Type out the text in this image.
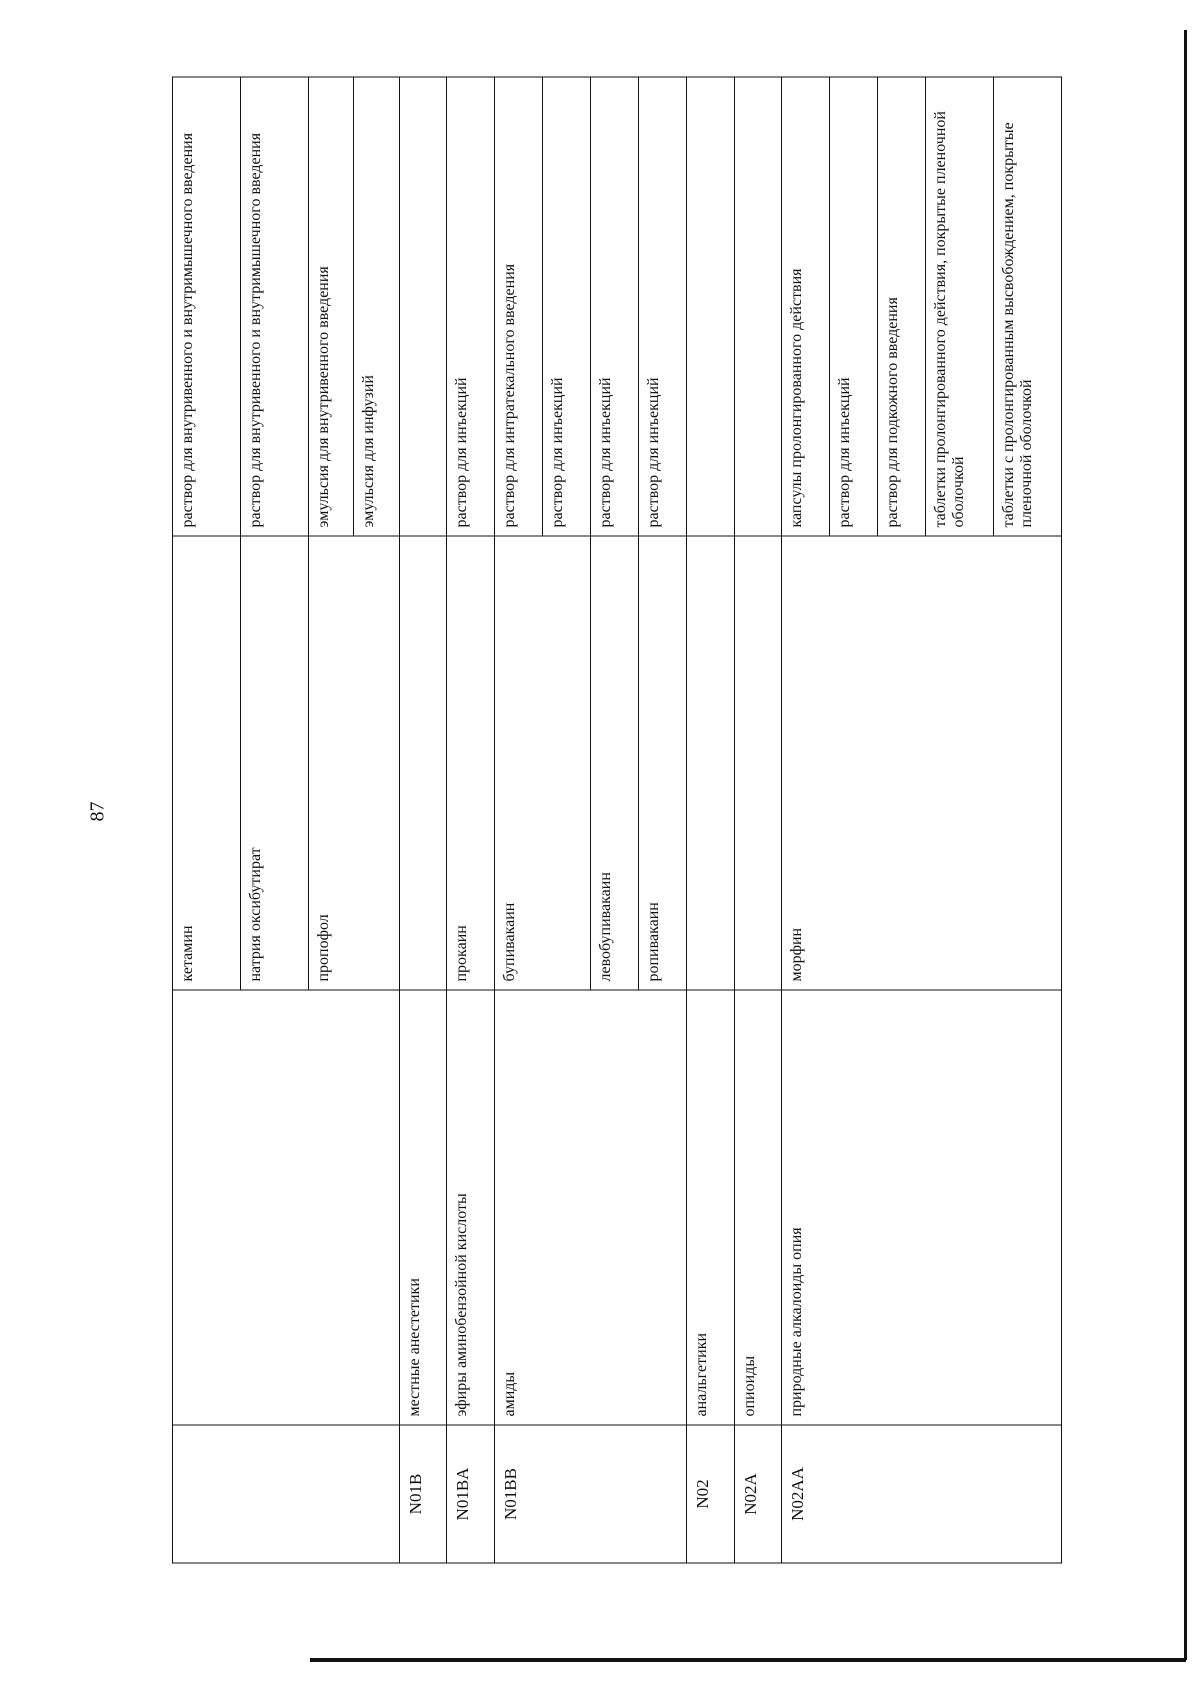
87
		кетамин	раствор для внутривенного и внутримышечного введения
		натрия оксибутират	раствор для внутривенного и внутримышечного введения
		пропофол	эмульсия для внутривенного введения
			эмульсия для инфузий
N01B	местные анестетики		
N01BA	эфиры аминобензойной кислоты	прокаин	раствор для инъекций
N01BB	амиды	бупивакаин	раствор для интратекального введения
			раствор для инъекций
		левобупивакаин	раствор для инъекций
		ропивакаин	раствор для инъекций
N02	анальгетики		
N02A	опиоиды		
N02AA	природные алкалоиды опия	морфин	капсулы пролонгированного действия
			раствор для инъекций
			раствор для подкожного введения
			таблетки пролонгированного действия, покрытые пленочной оболочкой
			таблетки с пролонгированным высвобождением, покрытые пленочной оболочкой
